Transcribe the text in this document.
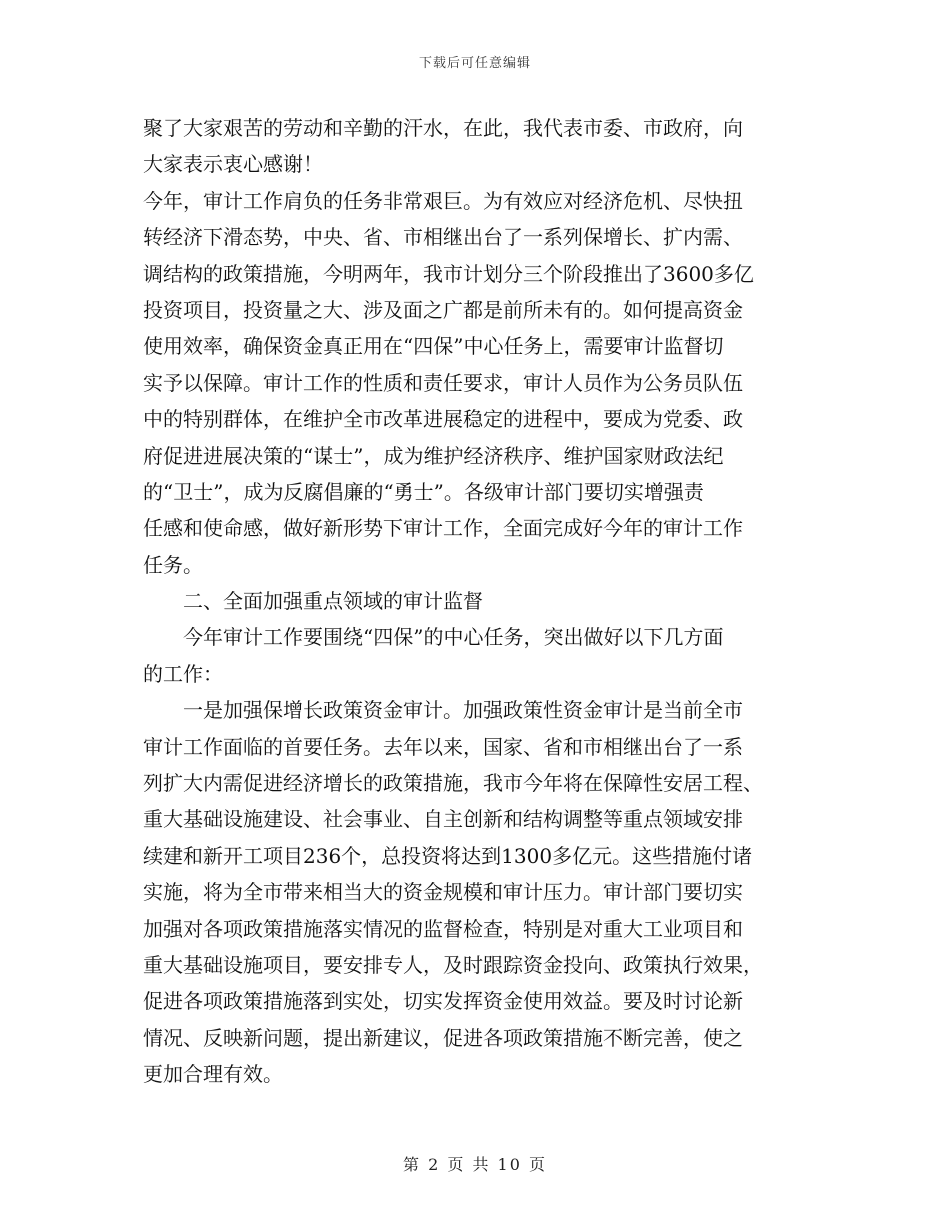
下载后可任意编辑
聚了大家艰苦的劳动和辛勤的汗水，在此，我代表市委、市政府，向
大家表示衷心感谢！
今年，审计工作肩负的任务非常艰巨。为有效应对经济危机、尽快扭
转经济下滑态势，中央、省、市相继出台了一系列保增长、扩内需、
调结构的政策措施，今明两年，我市计划分三个阶段推出了3600多亿
投资项目，投资量之大、涉及面之广都是前所未有的。如何提高资金
使用效率，确保资金真正用在“四保”中心任务上，需要审计监督切
实予以保障。审计工作的性质和责任要求，审计人员作为公务员队伍
中的特别群体，在维护全市改革进展稳定的进程中，要成为党委、政
府促进进展决策的“谋士”，成为维护经济秩序、维护国家财政法纪
的“卫士”，成为反腐倡廉的“勇士”。各级审计部门要切实增强责
任感和使命感，做好新形势下审计工作，全面完成好今年的审计工作
任务。
　　二、全面加强重点领域的审计监督
　　今年审计工作要围绕“四保”的中心任务，突出做好以下几方面
的工作：
　　一是加强保增长政策资金审计。加强政策性资金审计是当前全市
审计工作面临的首要任务。去年以来，国家、省和市相继出台了一系
列扩大内需促进经济增长的政策措施，我市今年将在保障性安居工程、
重大基础设施建设、社会事业、自主创新和结构调整等重点领域安排
续建和新开工项目236个，总投资将达到1300多亿元。这些措施付诸
实施，将为全市带来相当大的资金规模和审计压力。审计部门要切实
加强对各项政策措施落实情况的监督检查，特别是对重大工业项目和
重大基础设施项目，要安排专人，及时跟踪资金投向、政策执行效果，
促进各项政策措施落到实处，切实发挥资金使用效益。要及时讨论新
情况、反映新问题，提出新建议，促进各项政策措施不断完善，使之
更加合理有效。
第 2 页 共 10 页
